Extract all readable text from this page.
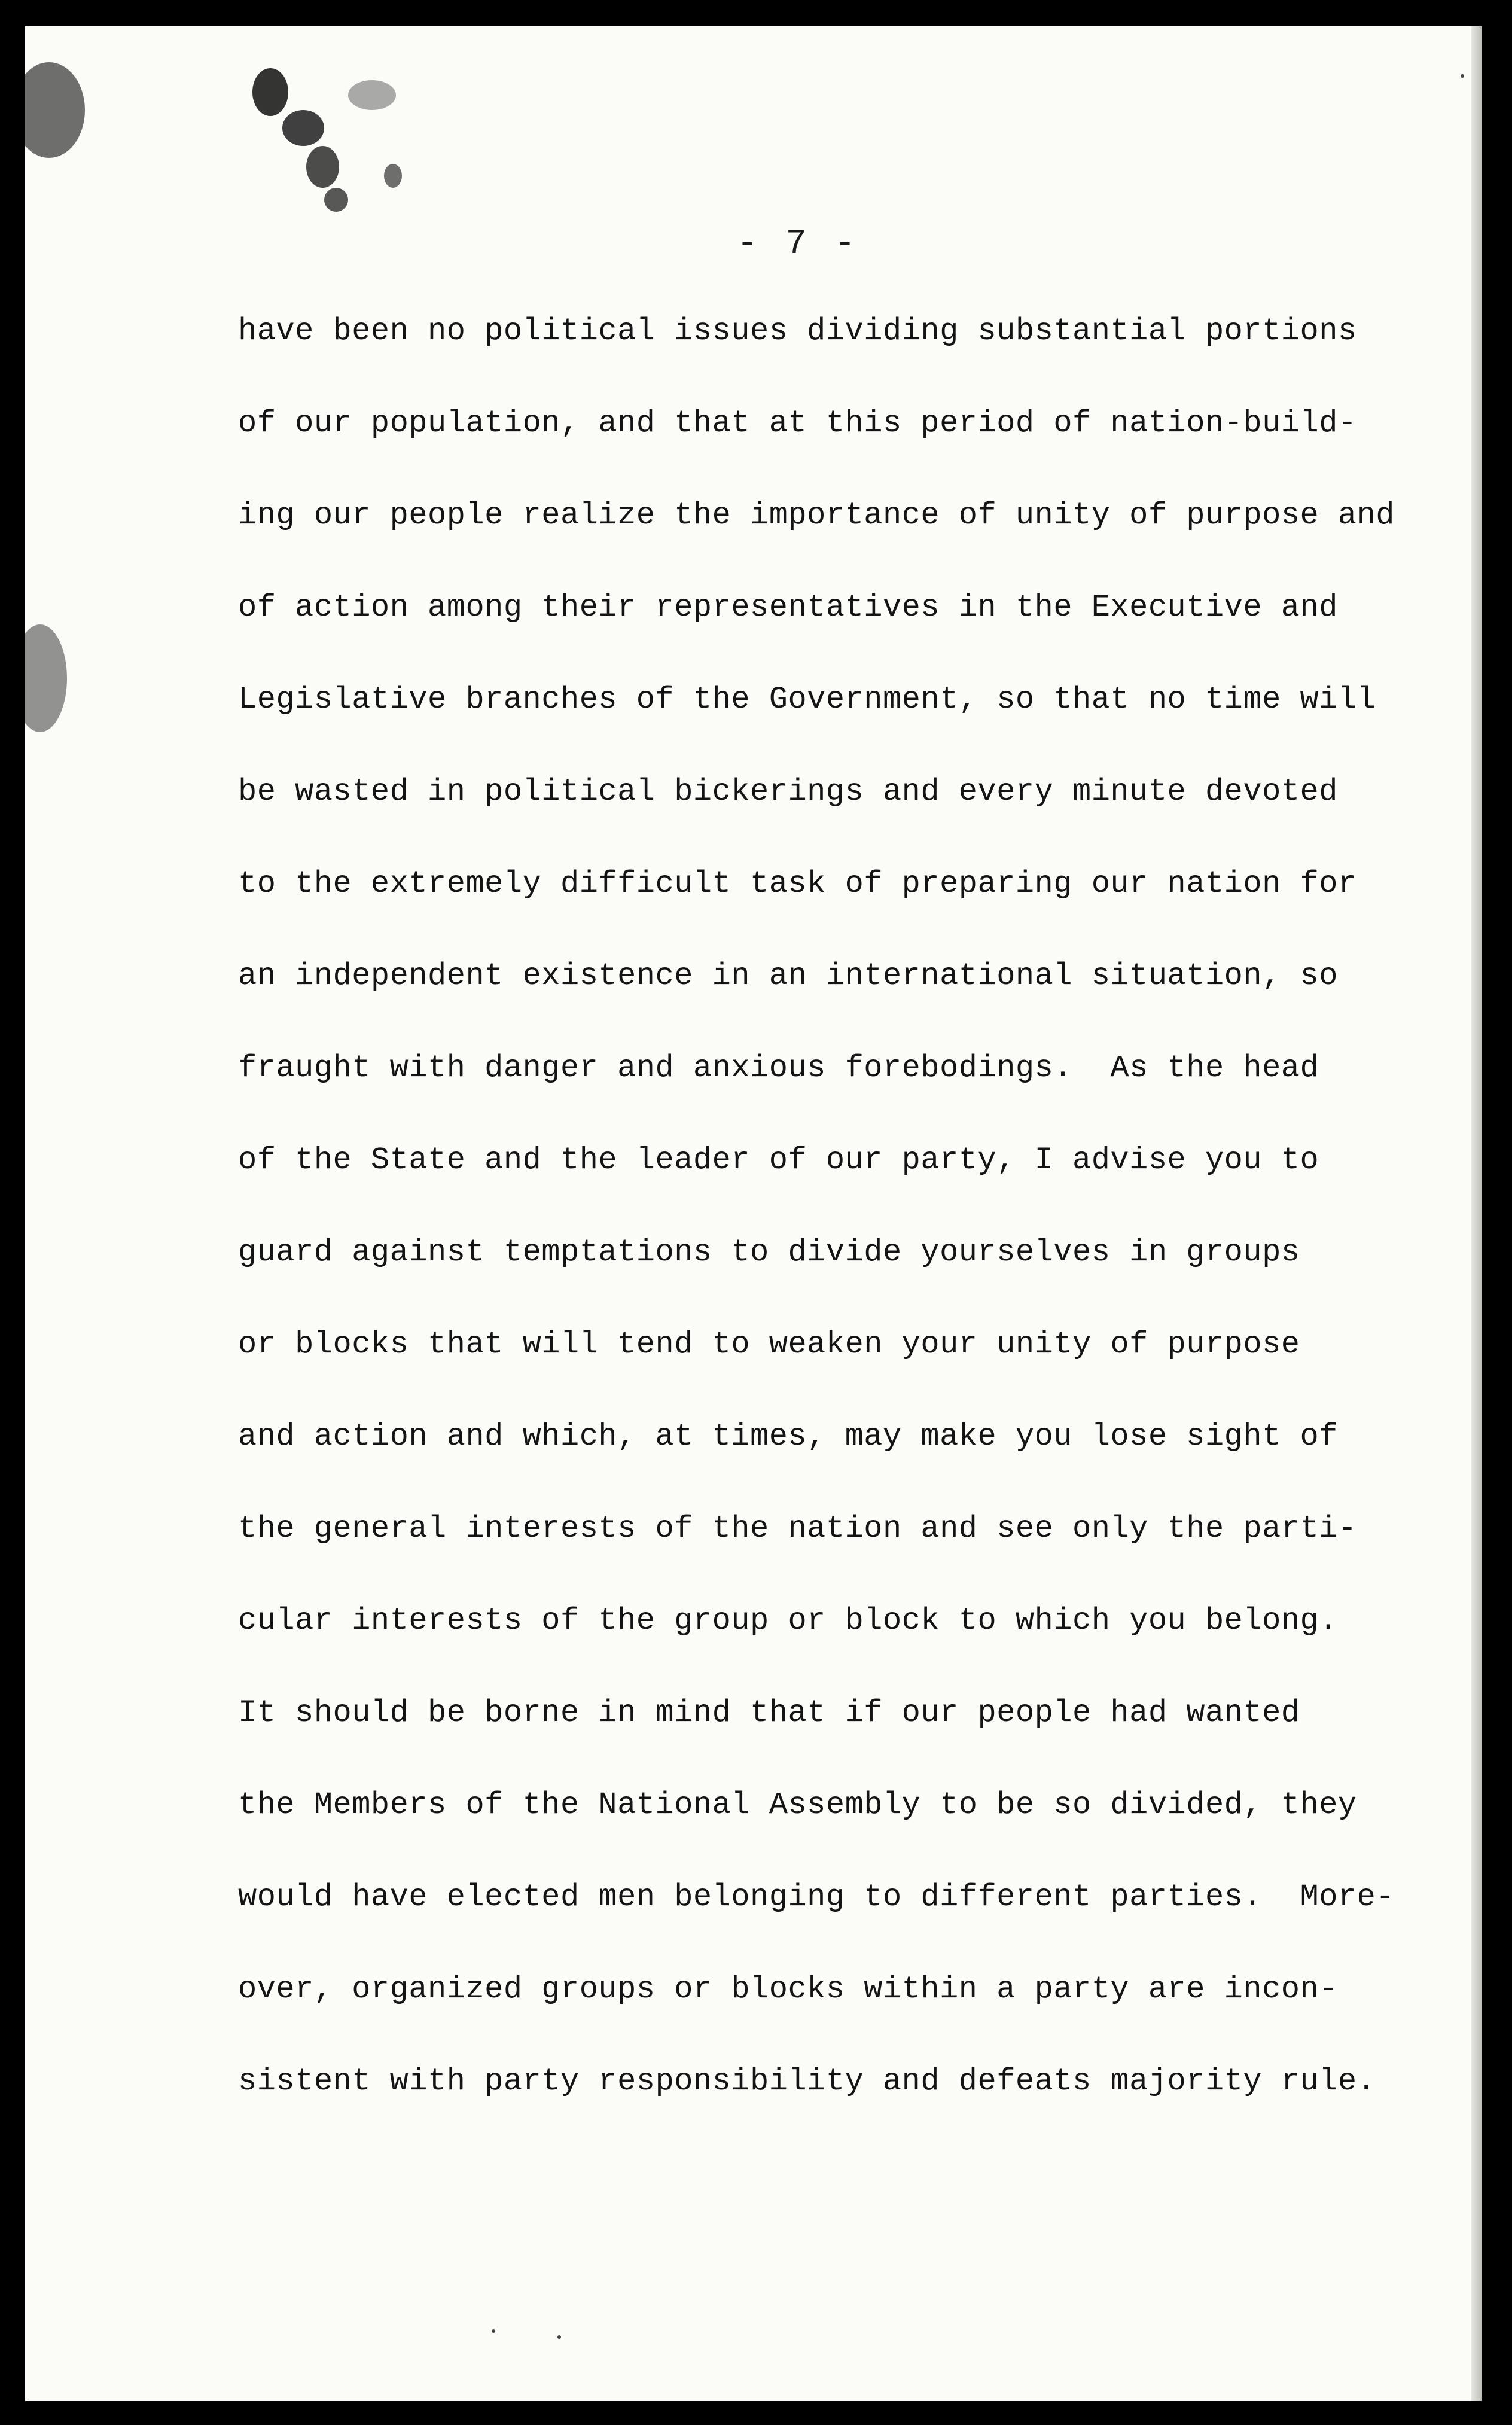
- 7 -
have been no political issues dividing substantial portions
of our population, and that at this period of nation-build-
ing our people realize the importance of unity of purpose and
of action among their representatives in the Executive and
Legislative branches of the Government, so that no time will
be wasted in political bickerings and every minute devoted
to the extremely difficult task of preparing our nation for
an independent existence in an international situation, so
fraught with danger and anxious forebodings.  As the head
of the State and the leader of our party, I advise you to
guard against temptations to divide yourselves in groups
or blocks that will tend to weaken your unity of purpose
and action and which, at times, may make you lose sight of
the general interests of the nation and see only the parti-
cular interests of the group or block to which you belong.
It should be borne in mind that if our people had wanted
the Members of the National Assembly to be so divided, they
would have elected men belonging to different parties.  More-
over, organized groups or blocks within a party are incon-
sistent with party responsibility and defeats majority rule.
